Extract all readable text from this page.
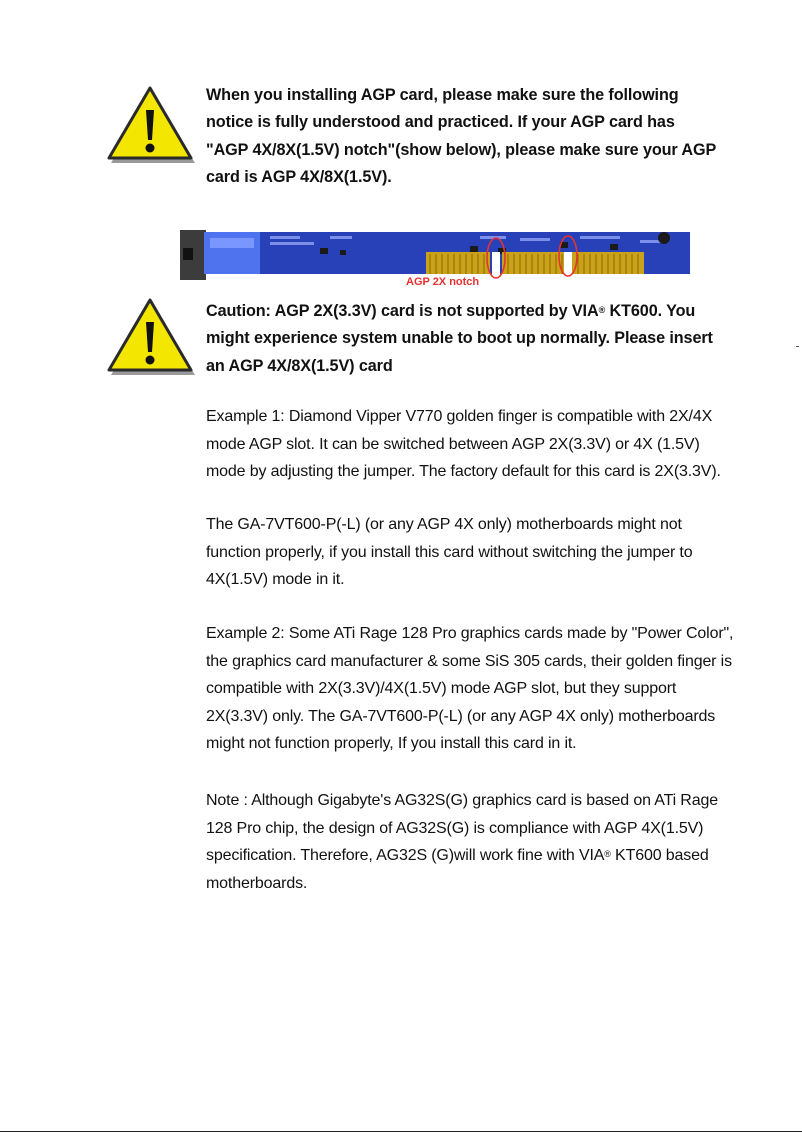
When you installing AGP card, please make sure the following notice is fully understood and practiced. If your AGP card has "AGP 4X/8X(1.5V) notch"(show below), please make sure your AGP card is AGP 4X/8X(1.5V).
AGP 2X notch	AGP 4X/8X notch
Caution: AGP 2X(3.3V) card is not supported by VIA® KT600. You might experience system unable to boot up normally. Please insert an AGP 4X/8X(1.5V) card
Example 1: Diamond Vipper V770 golden finger is compatible with 2X/4X mode AGP slot. It can be switched between AGP 2X(3.3V) or 4X (1.5V) mode by adjusting the jumper. The factory default for this card is 2X(3.3V).
The GA-7VT600-P(-L) (or any AGP 4X only) motherboards might not function properly, if you install this card without switching the jumper to 4X(1.5V) mode in it.
Example 2: Some ATi Rage 128 Pro graphics cards made by "Power Color", the graphics card manufacturer & some SiS 305 cards, their golden finger is compatible with 2X(3.3V)/4X(1.5V) mode AGP slot, but they support 2X(3.3V) only. The GA-7VT600-P(-L) (or any AGP 4X only) motherboards might not function properly, If you install this card in it.
Note : Although Gigabyte's AG32S(G) graphics card is based on ATi Rage 128 Pro chip, the design of AG32S(G) is compliance with AGP 4X(1.5V) specification. Therefore, AG32S (G)will work fine with VIA® KT600 based motherboards.
